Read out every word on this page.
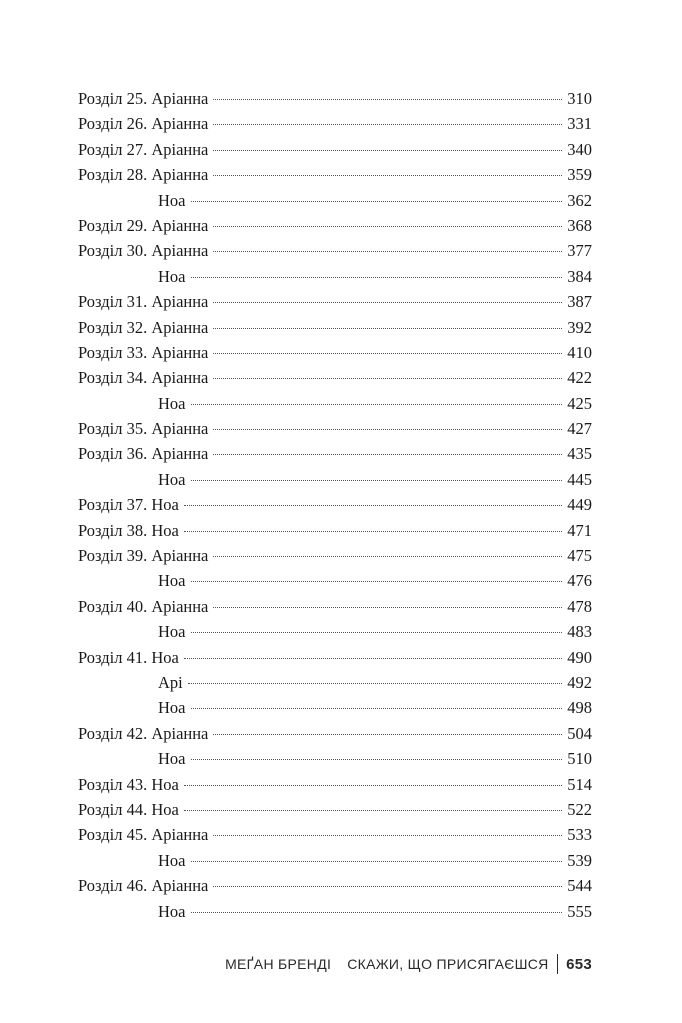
Розділ 25. Аріанна	310
Розділ 26. Аріанна	331
Розділ 27. Аріанна	340
Розділ 28. Аріанна	359
Ноа	362
Розділ 29. Аріанна	368
Розділ 30. Аріанна	377
Ноа	384
Розділ 31. Аріанна	387
Розділ 32. Аріанна	392
Розділ 33. Аріанна	410
Розділ 34. Аріанна	422
Ноа	425
Розділ 35. Аріанна	427
Розділ 36. Аріанна	435
Ноа	445
Розділ 37. Ноа	449
Розділ 38. Ноа	471
Розділ 39. Аріанна	475
Ноа	476
Розділ 40. Аріанна	478
Ноа	483
Розділ 41. Ноа	490
Арі	492
Ноа	498
Розділ 42. Аріанна	504
Ноа	510
Розділ 43. Ноа	514
Розділ 44. Ноа	522
Розділ 45. Аріанна	533
Ноа	539
Розділ 46. Аріанна	544
Ноа	555
МЕҐАН БРЕНДІ СКАЖИ, ЩО ПРИСЯГАЄШСЯ 653
